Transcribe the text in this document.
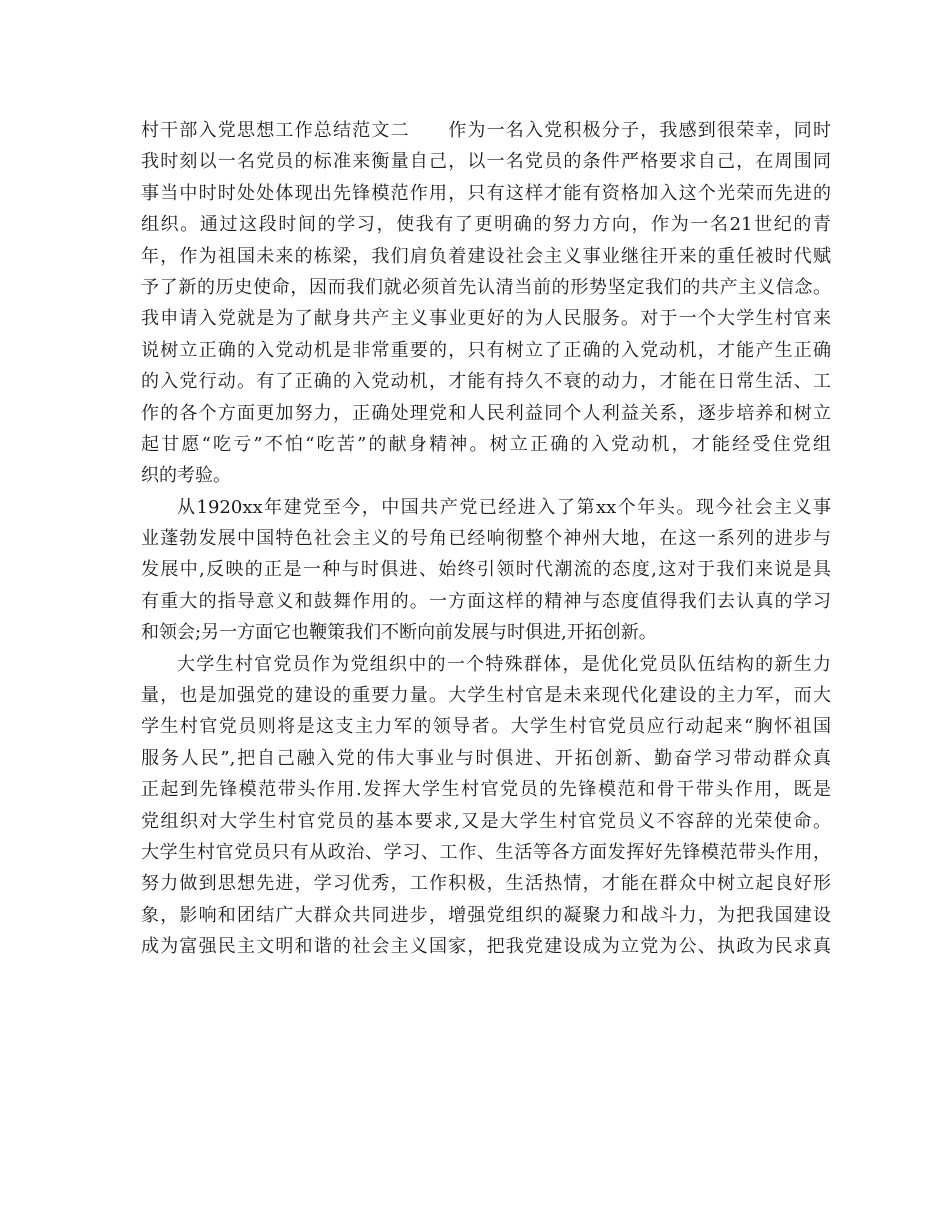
村干部入党思想工作总结范文二　　作为一名入党积极分子，我感到很荣幸，同时
我时刻以一名党员的标准来衡量自己，以一名党员的条件严格要求自己，在周围同
事当中时时处处体现出先锋模范作用，只有这样才能有资格加入这个光荣而先进的
组织。通过这段时间的学习，使我有了更明确的努力方向，作为一名21世纪的青
年，作为祖国未来的栋梁，我们肩负着建设社会主义事业继往开来的重任被时代赋
予了新的历史使命，因而我们就必须首先认清当前的形势坚定我们的共产主义信念。
我申请入党就是为了献身共产主义事业更好的为人民服务。对于一个大学生村官来
说树立正确的入党动机是非常重要的，只有树立了正确的入党动机，才能产生正确
的入党行动。有了正确的入党动机，才能有持久不衰的动力，才能在日常生活、工
作的各个方面更加努力，正确处理党和人民利益同个人利益关系，逐步培养和树立
起甘愿“吃亏”不怕“吃苦”的献身精神。树立正确的入党动机，才能经受住党组
织的考验。
从1920xx年建党至今，中国共产党已经进入了第xx个年头。现今社会主义事
业蓬勃发展中国特色社会主义的号角已经响彻整个神州大地，在这一系列的进步与
发展中,反映的正是一种与时俱进、始终引领时代潮流的态度,这对于我们来说是具
有重大的指导意义和鼓舞作用的。一方面这样的精神与态度值得我们去认真的学习
和领会;另一方面它也鞭策我们不断向前发展与时俱进,开拓创新。
大学生村官党员作为党组织中的一个特殊群体，是优化党员队伍结构的新生力
量，也是加强党的建设的重要力量。大学生村官是未来现代化建设的主力军，而大
学生村官党员则将是这支主力军的领导者。大学生村官党员应行动起来“胸怀祖国
服务人民”,把自己融入党的伟大事业与时俱进、开拓创新、勤奋学习带动群众真
正起到先锋模范带头作用.发挥大学生村官党员的先锋模范和骨干带头作用，既是
党组织对大学生村官党员的基本要求,又是大学生村官党员义不容辞的光荣使命。
大学生村官党员只有从政治、学习、工作、生活等各方面发挥好先锋模范带头作用，
努力做到思想先进，学习优秀，工作积极，生活热情，才能在群众中树立起良好形
象，影响和团结广大群众共同进步，增强党组织的凝聚力和战斗力，为把我国建设
成为富强民主文明和谐的社会主义国家，把我党建设成为立党为公、执政为民求真
